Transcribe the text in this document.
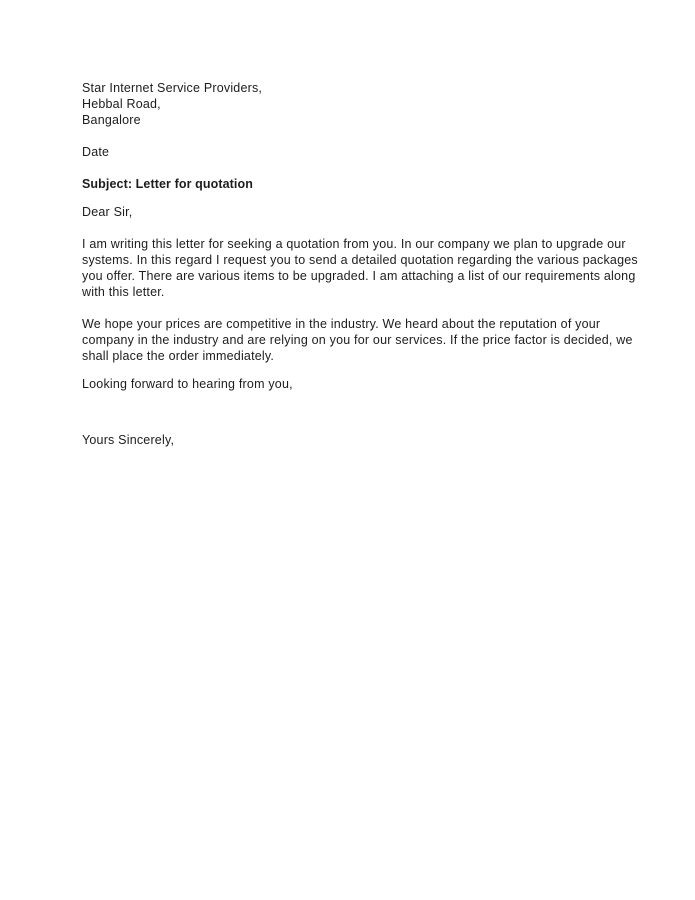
Star Internet Service Providers,
Hebbal Road,
Bangalore
Date
Subject: Letter for quotation
Dear Sir,

I am writing this letter for seeking a quotation from you. In our company we plan to upgrade our systems. In this regard I request you to send a detailed quotation regarding the various packages you offer. There are various items to be upgraded. I am attaching a list of our requirements along with this letter.

We hope your prices are competitive in the industry. We heard about the reputation of your company in the industry and are relying on you for our services. If the price factor is decided, we shall place the order immediately.

Looking forward to hearing from you,
Yours Sincerely,
